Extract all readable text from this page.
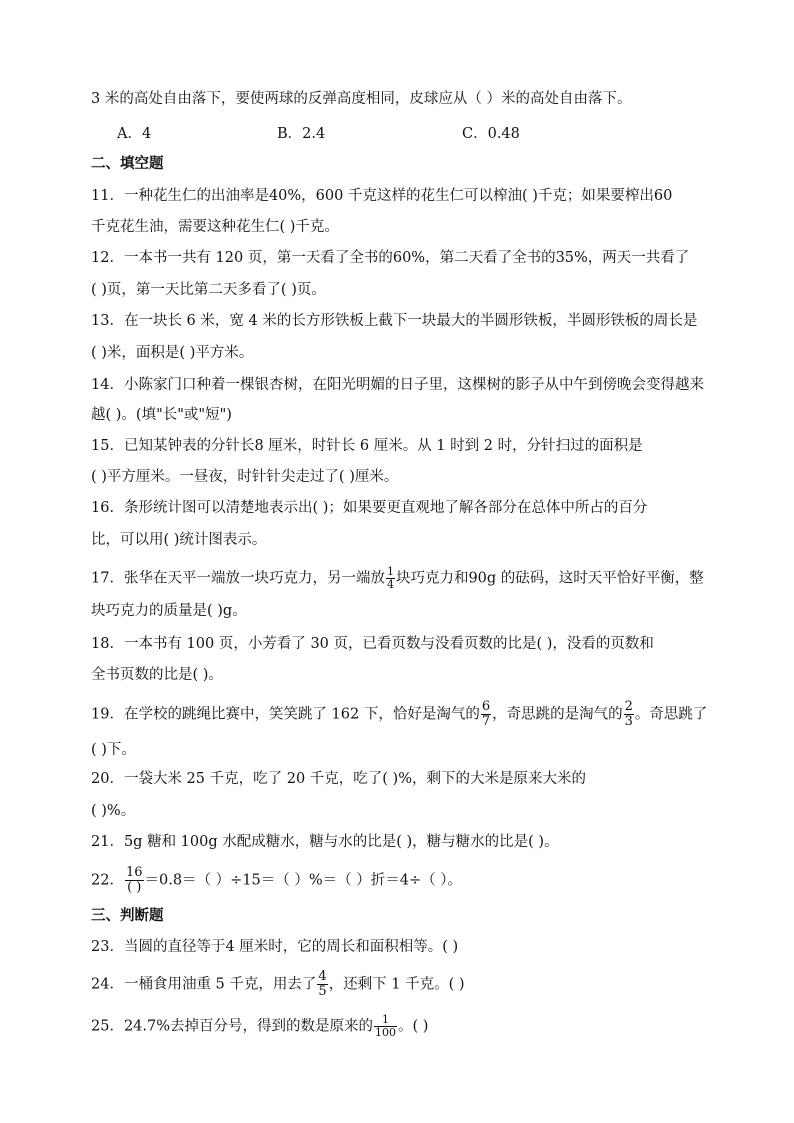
3 米的高处自由落下，要使两球的反弹高度相同，皮球应从（ ）米的高处自由落下。
A．4	B．2.4	C．0.48
二、填空题
11．一种花生仁的出油率是40%，600 千克这样的花生仁可以榨油( )千克；如果要榨出60
千克花生油，需要这种花生仁( )千克。
12．一本书一共有 120 页，第一天看了全书的60%，第二天看了全书的35%，两天一共看了
( )页，第一天比第二天多看了( )页。
13．在一块长 6 米，宽 4 米的长方形铁板上截下一块最大的半圆形铁板，半圆形铁板的周长是
( )米，面积是( )平方米。
14．小陈家门口种着一棵银杏树，在阳光明媚的日子里，这棵树的影子从中午到傍晚会变得越来
越( )。(填"长"或"短")
15．已知某钟表的分针长8 厘米，时针长 6 厘米。从 1 时到 2 时，分针扫过的面积是
( )平方厘米。一昼夜，时针针尖走过了( )厘米。
16．条形统计图可以清楚地表示出( )；如果要更直观地了解各部分在总体中所占的百分
比，可以用( )统计图表示。
17．张华在天平一端放一块巧克力，另一端放 $\frac{1}{4}$ 块巧克力和90g 的砝码，这时天平恰好平衡，整
块巧克力的质量是( )g。
18．一本书有 100 页，小芳看了 30 页，已看页数与没看页数的比是( )，没看的页数和
全书页数的比是( )。
19．在学校的跳绳比赛中，笑笑跳了 162 下，恰好是淘气的 $\frac{6}{7}$ ，奇思跳的是淘气的 $\frac{2}{3}$ 。奇思跳了
( )下。
20．一袋大米 25 千克，吃了 20 千克，吃了( )%，剩下的大米是原来大米的
( )%。
21．5g 糖和 100g 水配成糖水，糖与水的比是( )，糖与糖水的比是( )。
22． $\frac{16}{( )} =0.8=$（ ）÷15＝（ ）%＝（ ）折＝4÷（ ）。
三、判断题
23．当圆的直径等于4 厘米时，它的周长和面积相等。( )
24．一桶食用油重 5 千克，用去了 $\frac{4}{5}$ ，还剩下 1 千克。( )
25．24.7%去掉百分号，得到的数是原来的 $\frac{1}{100}$ 。( )
